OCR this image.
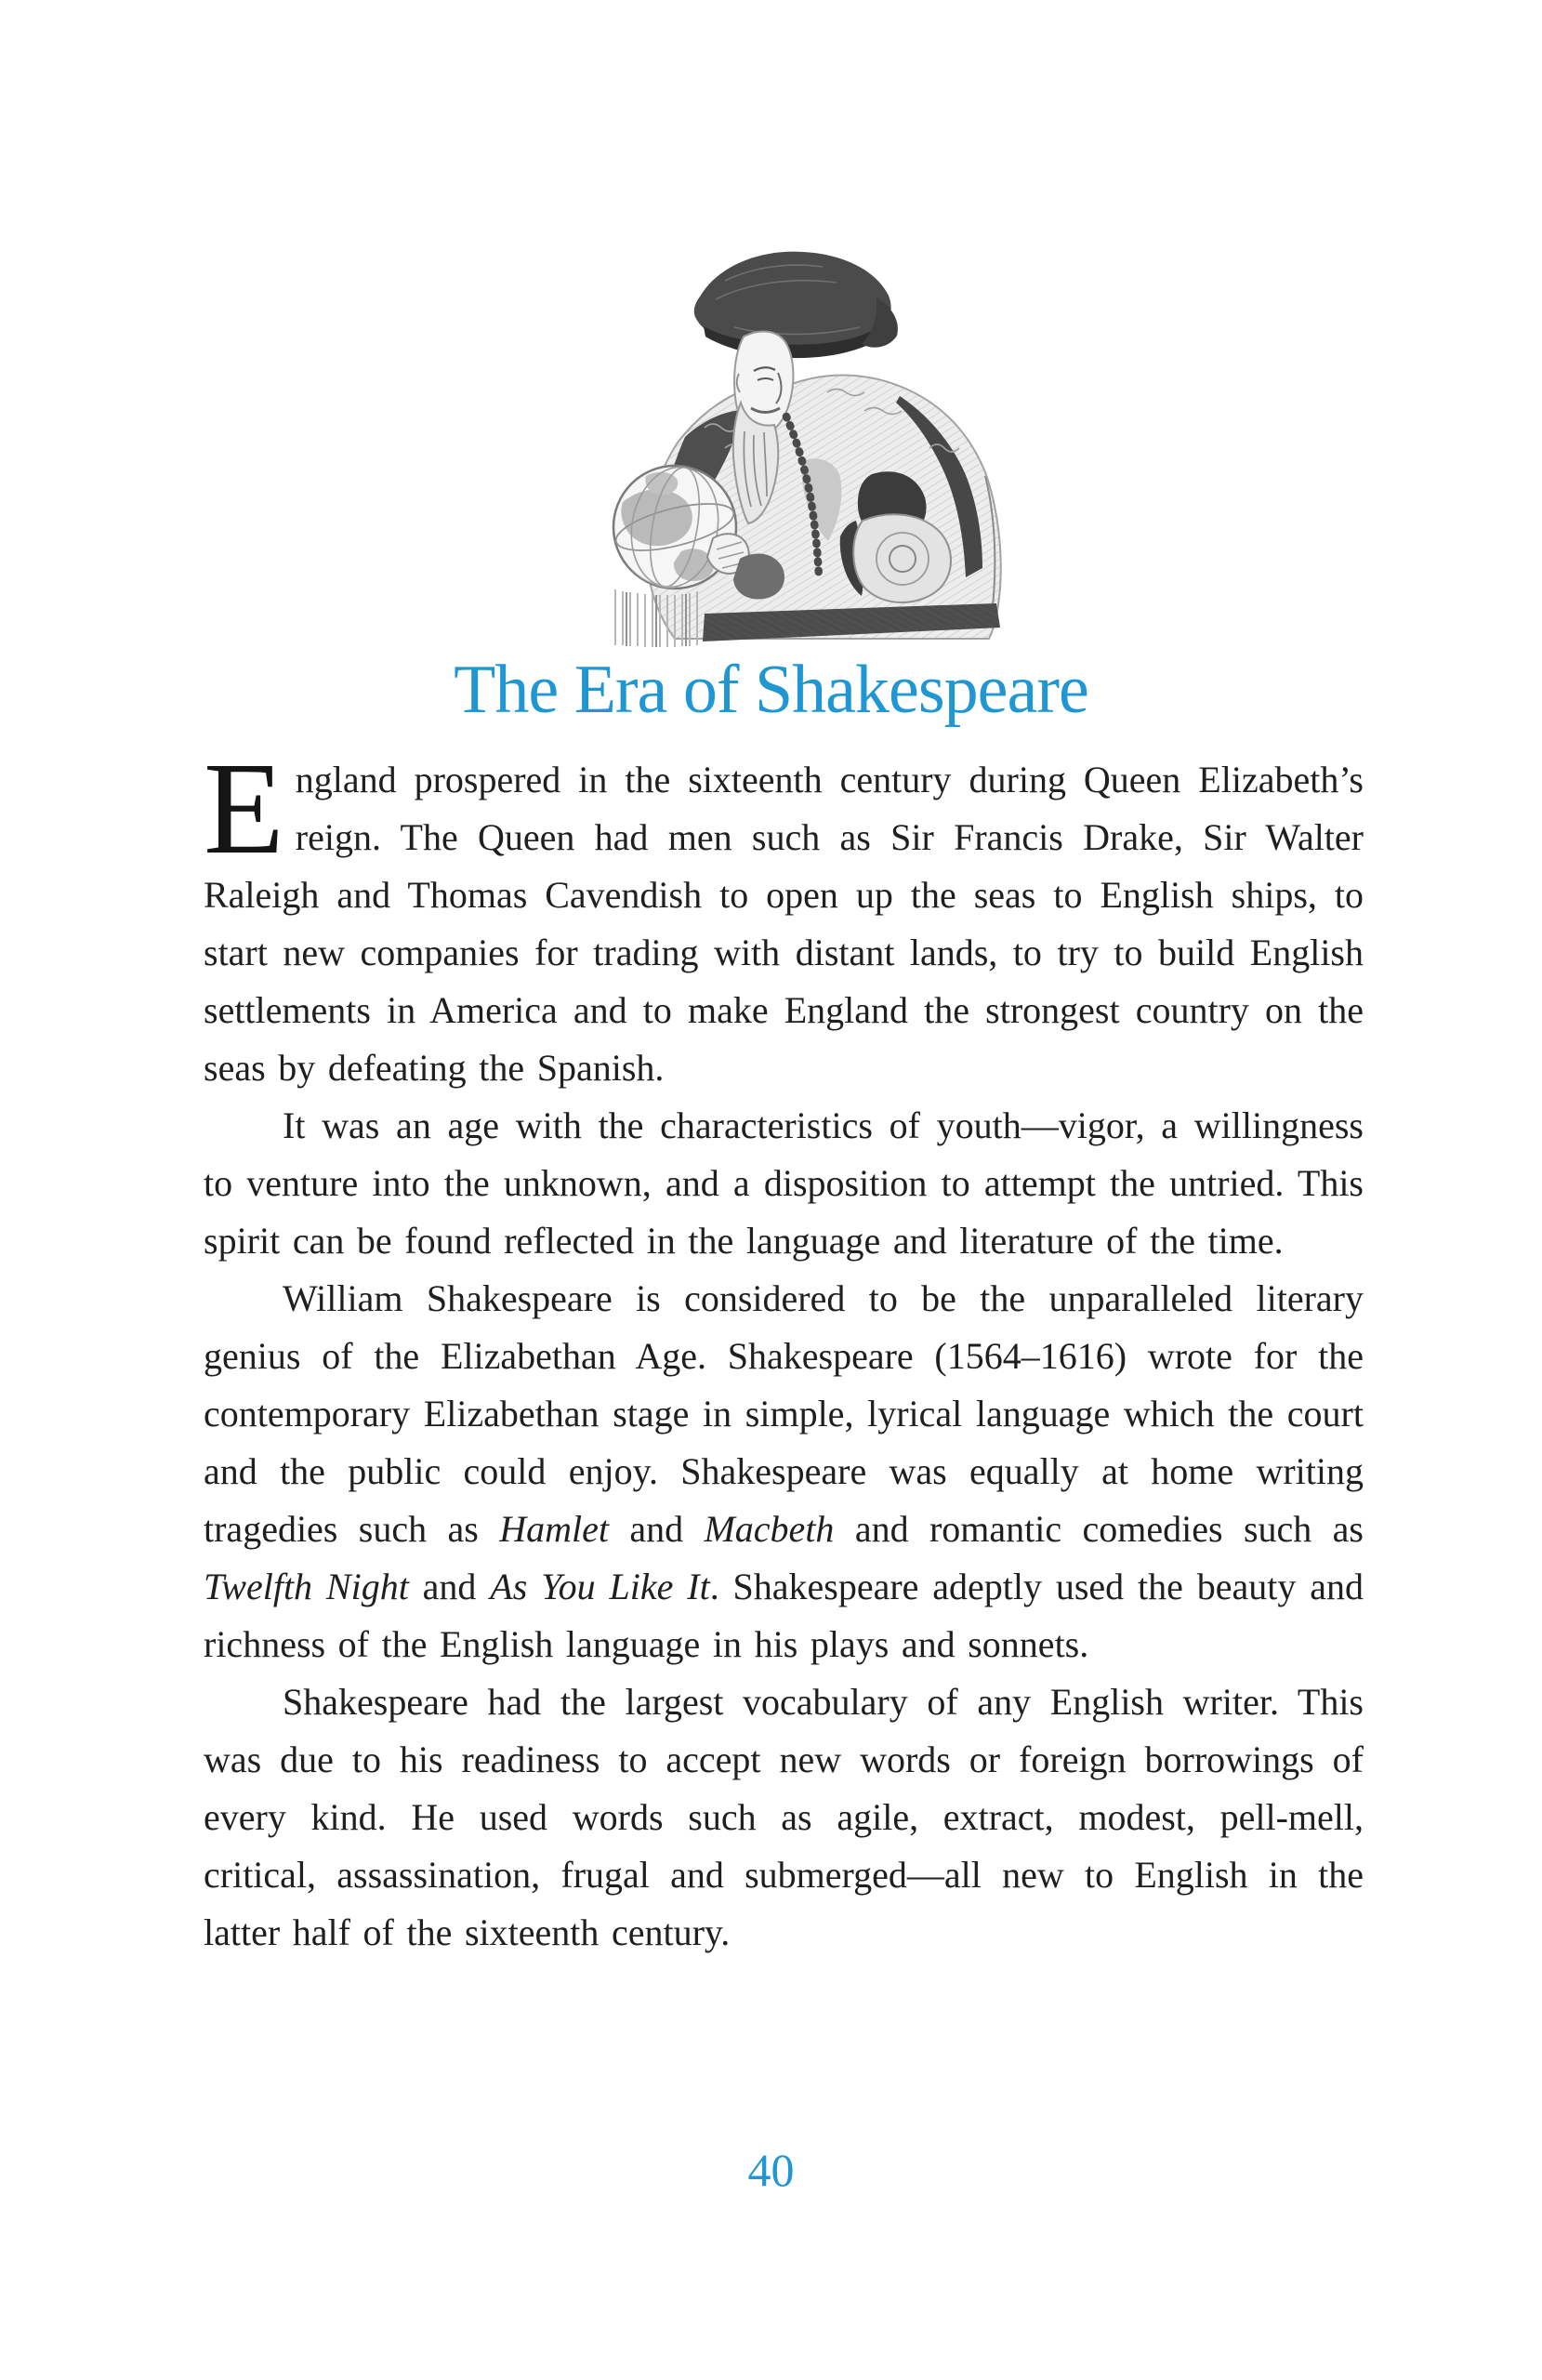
The Era of Shakespeare

England prospered in the sixteenth century during Queen Elizabeth’s reign. The Queen had men such as Sir Francis Drake, Sir Walter Raleigh and Thomas Cavendish to open up the seas to English ships, to start new companies for trading with distant lands, to try to build English settlements in America and to make England the strongest country on the seas by defeating the Spanish.

It was an age with the characteristics of youth—vigor, a willingness to venture into the unknown, and a disposition to attempt the untried. This spirit can be found reflected in the language and literature of the time.

William Shakespeare is considered to be the unparalleled literary genius of the Elizabethan Age. Shakespeare (1564–1616) wrote for the contemporary Elizabethan stage in simple, lyrical language which the court and the public could enjoy. Shakespeare was equally at home writing tragedies such as Hamlet and Macbeth and romantic comedies such as Twelfth Night and As You Like It. Shakespeare adeptly used the beauty and richness of the English language in his plays and sonnets.

Shakespeare had the largest vocabulary of any English writer. This was due to his readiness to accept new words or foreign borrowings of every kind. He used words such as agile, extract, modest, pell-mell, critical, assassination, frugal and submerged—all new to English in the latter half of the sixteenth century.

40
